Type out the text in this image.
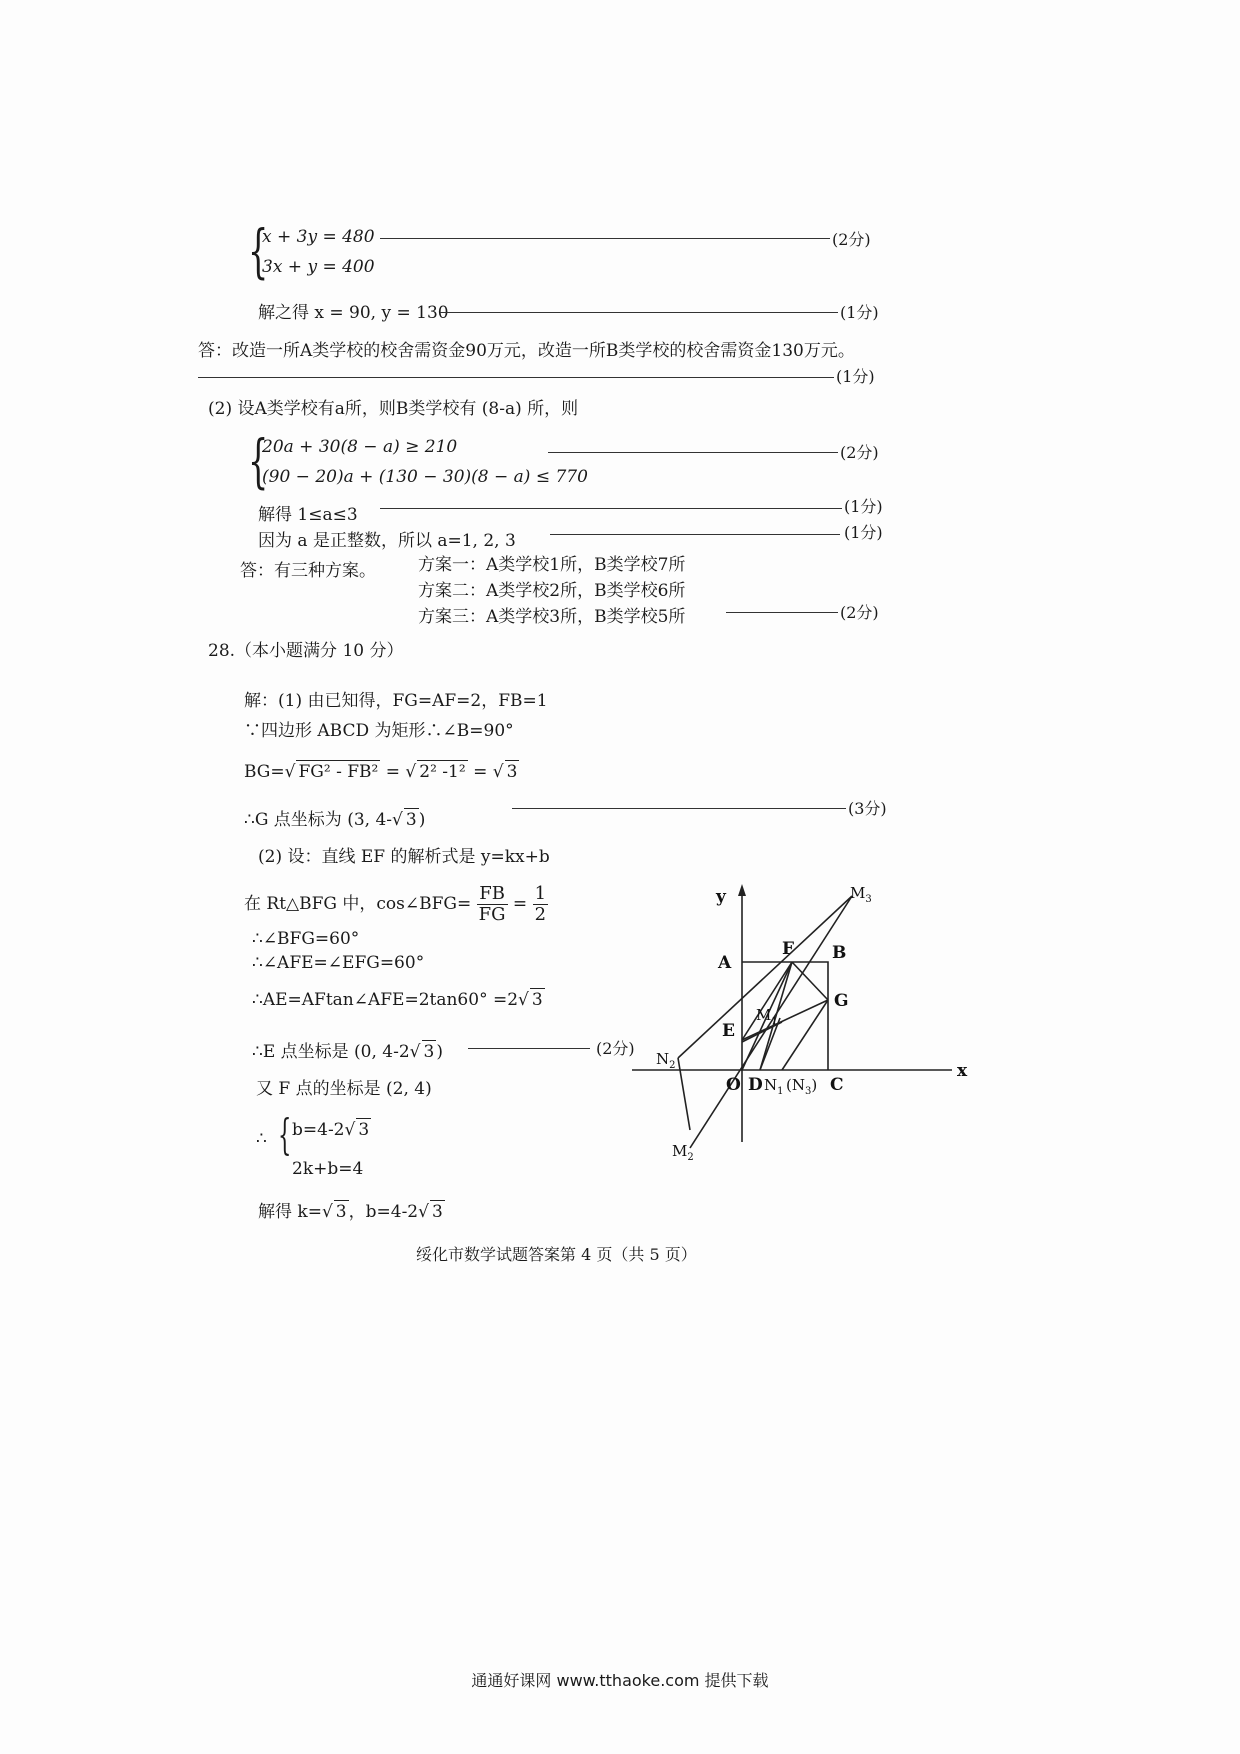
{
x + 3y = 480
3x + y = 400
(2分)
解之得 x = 90, y = 130	(1分)
答：改造一所A类学校的校舍需资金90万元，改造一所B类学校的校舍需资金130万元。
(1分)
(2) 设A类学校有a所，则B类学校有 (8-a) 所，则
{
20a + 30(8 − a) ≥ 210
(90 − 20)a + (130 − 30)(8 − a) ≤ 770
(2分)
解得 1≤a≤3	(1分)
因为 a 是正整数，所以 a=1, 2, 3	(1分)
答：有三种方案。 方案一：A类学校1所，B类学校7所
方案二：A类学校2所，B类学校6所
方案三：A类学校3所，B类学校5所	(2分)
28.（本小题满分 10 分）
解：(1) 由已知得，FG=AF=2，FB=1
∵四边形 ABCD 为矩形∴∠B=90°
BG=√ FG² - FB² = √ 2² -1² = √ 3
∴G 点坐标为 (3, 4-√ 3 )
(3分)
(2) 设：直线 EF 的解析式是 y=kx+b
在 Rt△BFG 中，cos∠BFG= $\frac{FB}{FG} = \frac{1}{2}$
∴∠BFG=60°
∴∠AFE=∠EFG=60°
∴AE=AFtan∠AFE=2tan60° =2√ 3
∴E 点坐标是 (0, 4-2√ 3 )	(2分)
又 F 点的坐标是 (2, 4)
∴ { b=4-2√ 3
2k+b=4
解得 k=√ 3 ，b=4-2√ 3
y
x
A
F B
G
E
O D	C
$M_3$
$M_1$
$N_2$
$M_2$
$N_1$ $(N_3)$
绥化市数学试题答案第 4 页（共 5 页）
通通好课网 www.tthaoke.com 提供下载
